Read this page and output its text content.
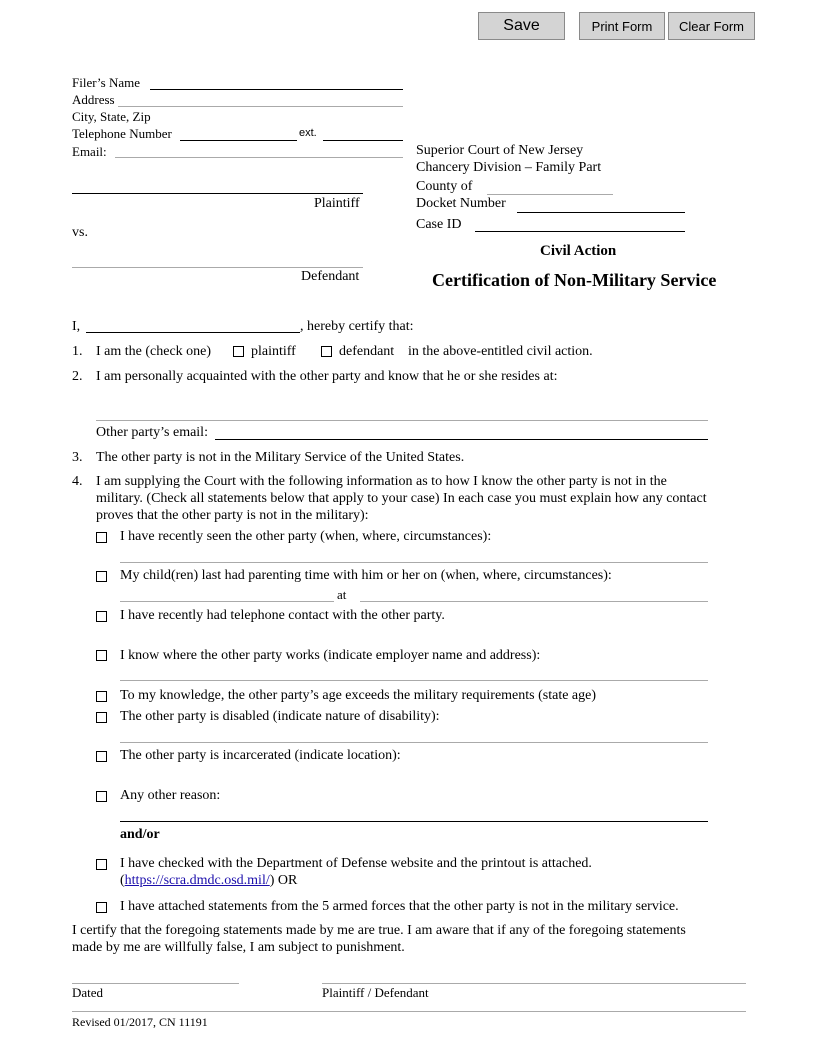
Save	Print Form	Clear Form
Filer’s Name
Address
City, State, Zip
Telephone Number	ext.
Email:	Superior Court of New Jersey
Chancery Division – Family Part
County of
Docket Number
Case ID
Civil Action
Certification of Non-Military Service
Plaintiff
vs.
Defendant
I,	, hereby certify that:
1. I am the (check one)	plaintiff	defendant in the above-entitled civil action.
2. I am personally acquainted with the other party and know that he or she resides at:
Other party’s email:
3. The other party is not in the Military Service of the United States.
4. I am supplying the Court with the following information as to how I know the other party is not in the
military. (Check all statements below that apply to your case) In each case you must explain how any contact
proves that the other party is not in the military):
I have recently seen the other party (when, where, circumstances):
My child(ren) last had parenting time with him or her on (when, where, circumstances):
at
I have recently had telephone contact with the other party.
I know where the other party works (indicate employer name and address):
To my knowledge, the other party’s age exceeds the military requirements (state age)
The other party is disabled (indicate nature of disability):
The other party is incarcerated (indicate location):
Any other reason:
and/or
I have checked with the Department of Defense website and the printout is attached.
(https://scra.dmdc.osd.mil/) OR
I have attached statements from the 5 armed forces that the other party is not in the military service.
I certify that the foregoing statements made by me are true. I am aware that if any of the foregoing statements
made by me are willfully false, I am subject to punishment.
Dated	Plaintiff / Defendant
Revised 01/2017, CN 11191
